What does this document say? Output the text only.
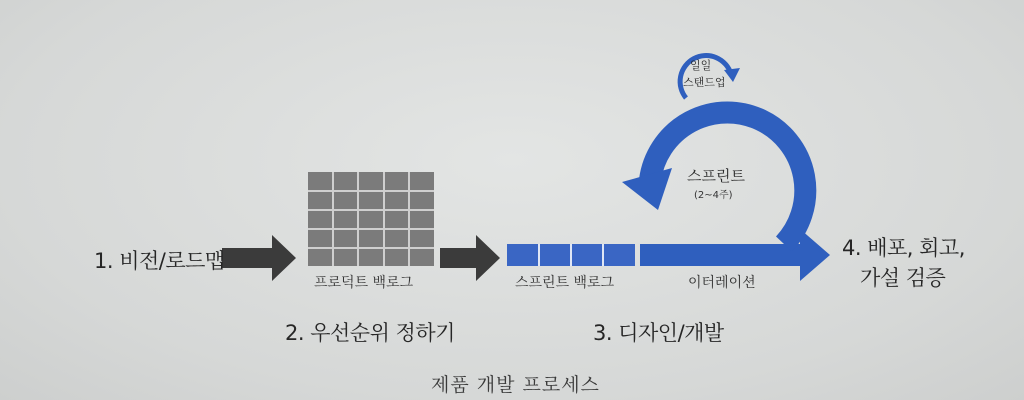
1. 비전/로드맵
프로덕트 백로그
2. 우선순위 정하기
스프린트 백로그	이터레이션
3. 디자인/개발
스프린트
(2~4주)
일일
스탠드업
4. 배포, 회고,
가설 검증
제품 개발 프로세스
